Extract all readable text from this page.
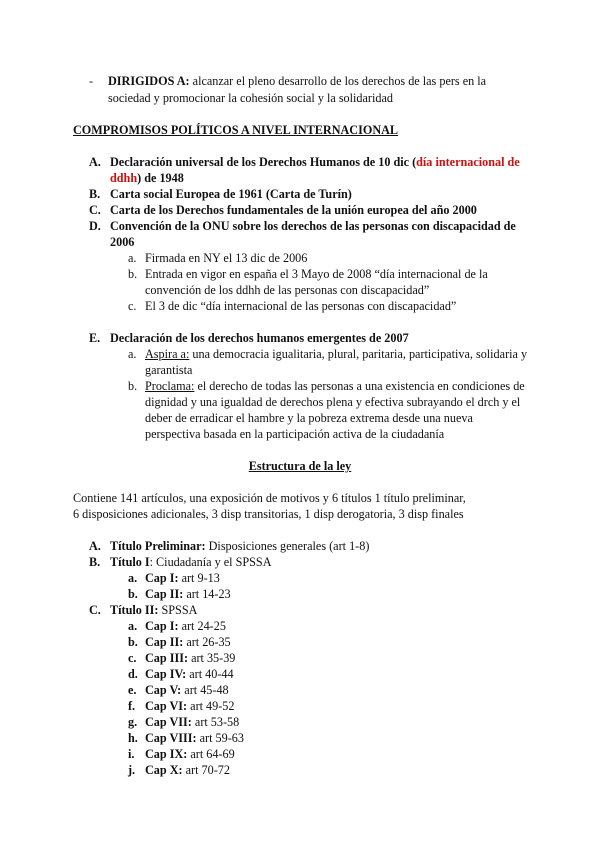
- DIRIGIDOS A: alcanzar el pleno desarrollo de los derechos de las pers en la
sociedad y promocionar la cohesión social y la solidaridad
COMPROMISOS POLÍTICOS A NIVEL INTERNACIONAL
A. Declaración universal de los Derechos Humanos de 10 dic (día internacional de
ddhh) de 1948
B. Carta social Europea de 1961 (Carta de Turín)
C. Carta de los Derechos fundamentales de la unión europea del año 2000
D. Convención de la ONU sobre los derechos de las personas con discapacidad de
2006
a. Firmada en NY el 13 dic de 2006
b. Entrada en vigor en españa el 3 Mayo de 2008 “día internacional de la
convención de los ddhh de las personas con discapacidad”
c. El 3 de dic “día internacional de las personas con discapacidad”
E. Declaración de los derechos humanos emergentes de 2007
a. Aspira a: una democracia igualitaria, plural, paritaria, participativa, solidaria y
garantista
b. Proclama: el derecho de todas las personas a una existencia en condiciones de
dignidad y una igualdad de derechos plena y efectiva subrayando el drch y el
deber de erradicar el hambre y la pobreza extrema desde una nueva
perspectiva basada en la participación activa de la ciudadanía
Estructura de la ley
Contiene 141 artículos, una exposición de motivos y 6 títulos 1 título preliminar,
6 disposiciones adicionales, 3 disp transitorias, 1 disp derogatoria, 3 disp finales
A. Título Preliminar: Disposiciones generales (art 1-8)
B. Título I: Ciudadanía y el SPSSA
a. Cap I: art 9-13
b. Cap II: art 14-23
C. Título II: SPSSA
a. Cap I: art 24-25
b. Cap II: art 26-35
c. Cap III: art 35-39
d. Cap IV: art 40-44
e. Cap V: art 45-48
f. Cap VI: art 49-52
g. Cap VII: art 53-58
h. Cap VIII: art 59-63
i. Cap IX: art 64-69
j. Cap X: art 70-72
